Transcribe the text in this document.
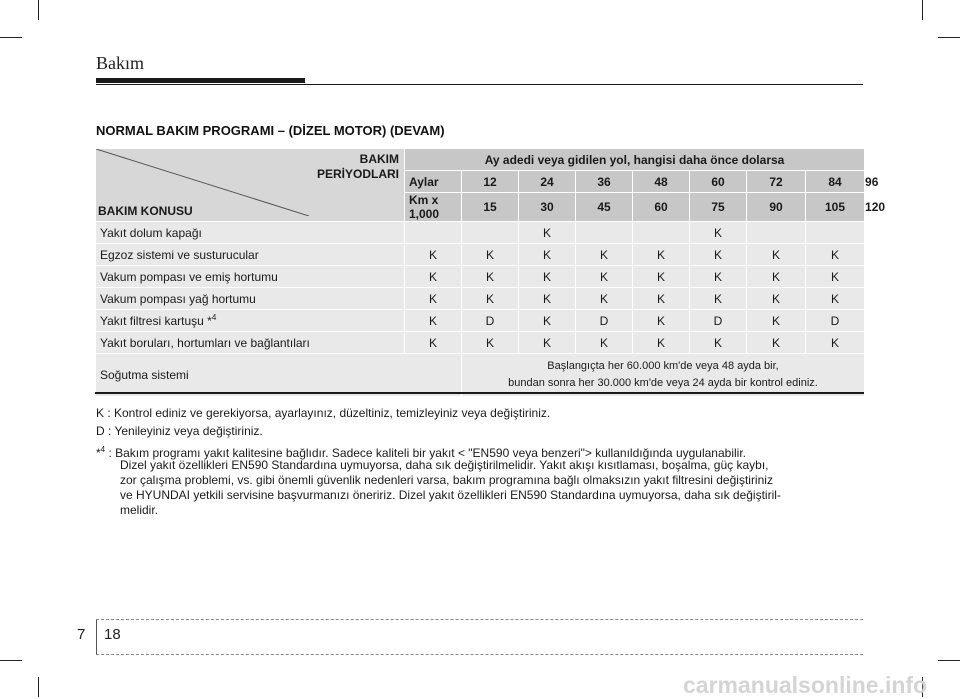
Bakım
NORMAL BAKIM PROGRAMI – (DİZEL MOTOR) (DEVAM)
BAKIM
PERİYODLARI
BAKIM KONUSU	Ay adedi veya gidilen yol, hangisi daha önce dolarsa								
	Aylar	12	24	36	48	60	72	84	96
	Km x 1,000	15	30	45	60	75	90	105	120
Yakıt dolum kapağı			K			K			
Egzoz sistemi ve susturucular	K	K	K	K	K	K	K	K	
Vakum pompası ve emiş hortumu	K	K	K	K	K	K	K	K	
Vakum pompası yağ hortumu	K	K	K	K	K	K	K	K	
Yakıt filtresi kartuşu *$^4$	K	D	K	D	K	D	K	D	
Yakıt boruları, hortumları ve bağlantıları	K	K	K	K	K	K	K	K	
Soğutma sistemi		Başlangıçta her 60.000 km'de veya 48 ayda bir,
bundan sonra her 30.000 km'de veya 24 ayda bir kontrol ediniz.							
K : Kontrol ediniz ve gerekiyorsa, ayarlayınız, düzeltiniz, temizleyiniz veya değiştiriniz.
D : Yenileyiniz veya değiştiriniz.
*$^4$ : Bakım programı yakıt kalitesine bağlıdır. Sadece kaliteli bir yakıt < "EN590 veya benzeri"> kullanıldığında uygulanabilir.
Dizel yakıt özellikleri EN590 Standardına uymuyorsa, daha sık değiştirilmelidir. Yakıt akışı kısıtlaması, boşalma, güç kaybı,
zor çalışma problemi, vs. gibi önemli güvenlik nedenleri varsa, bakım programına bağlı olmaksızın yakıt filtresini değiştiriniz
ve HYUNDAI yetkili servisine başvurmanızı öneririz. Dizel yakıt özellikleri EN590 Standardına uymuyorsa, daha sık değiştiril-
melidir.
7 18
carmanualsonline.info
